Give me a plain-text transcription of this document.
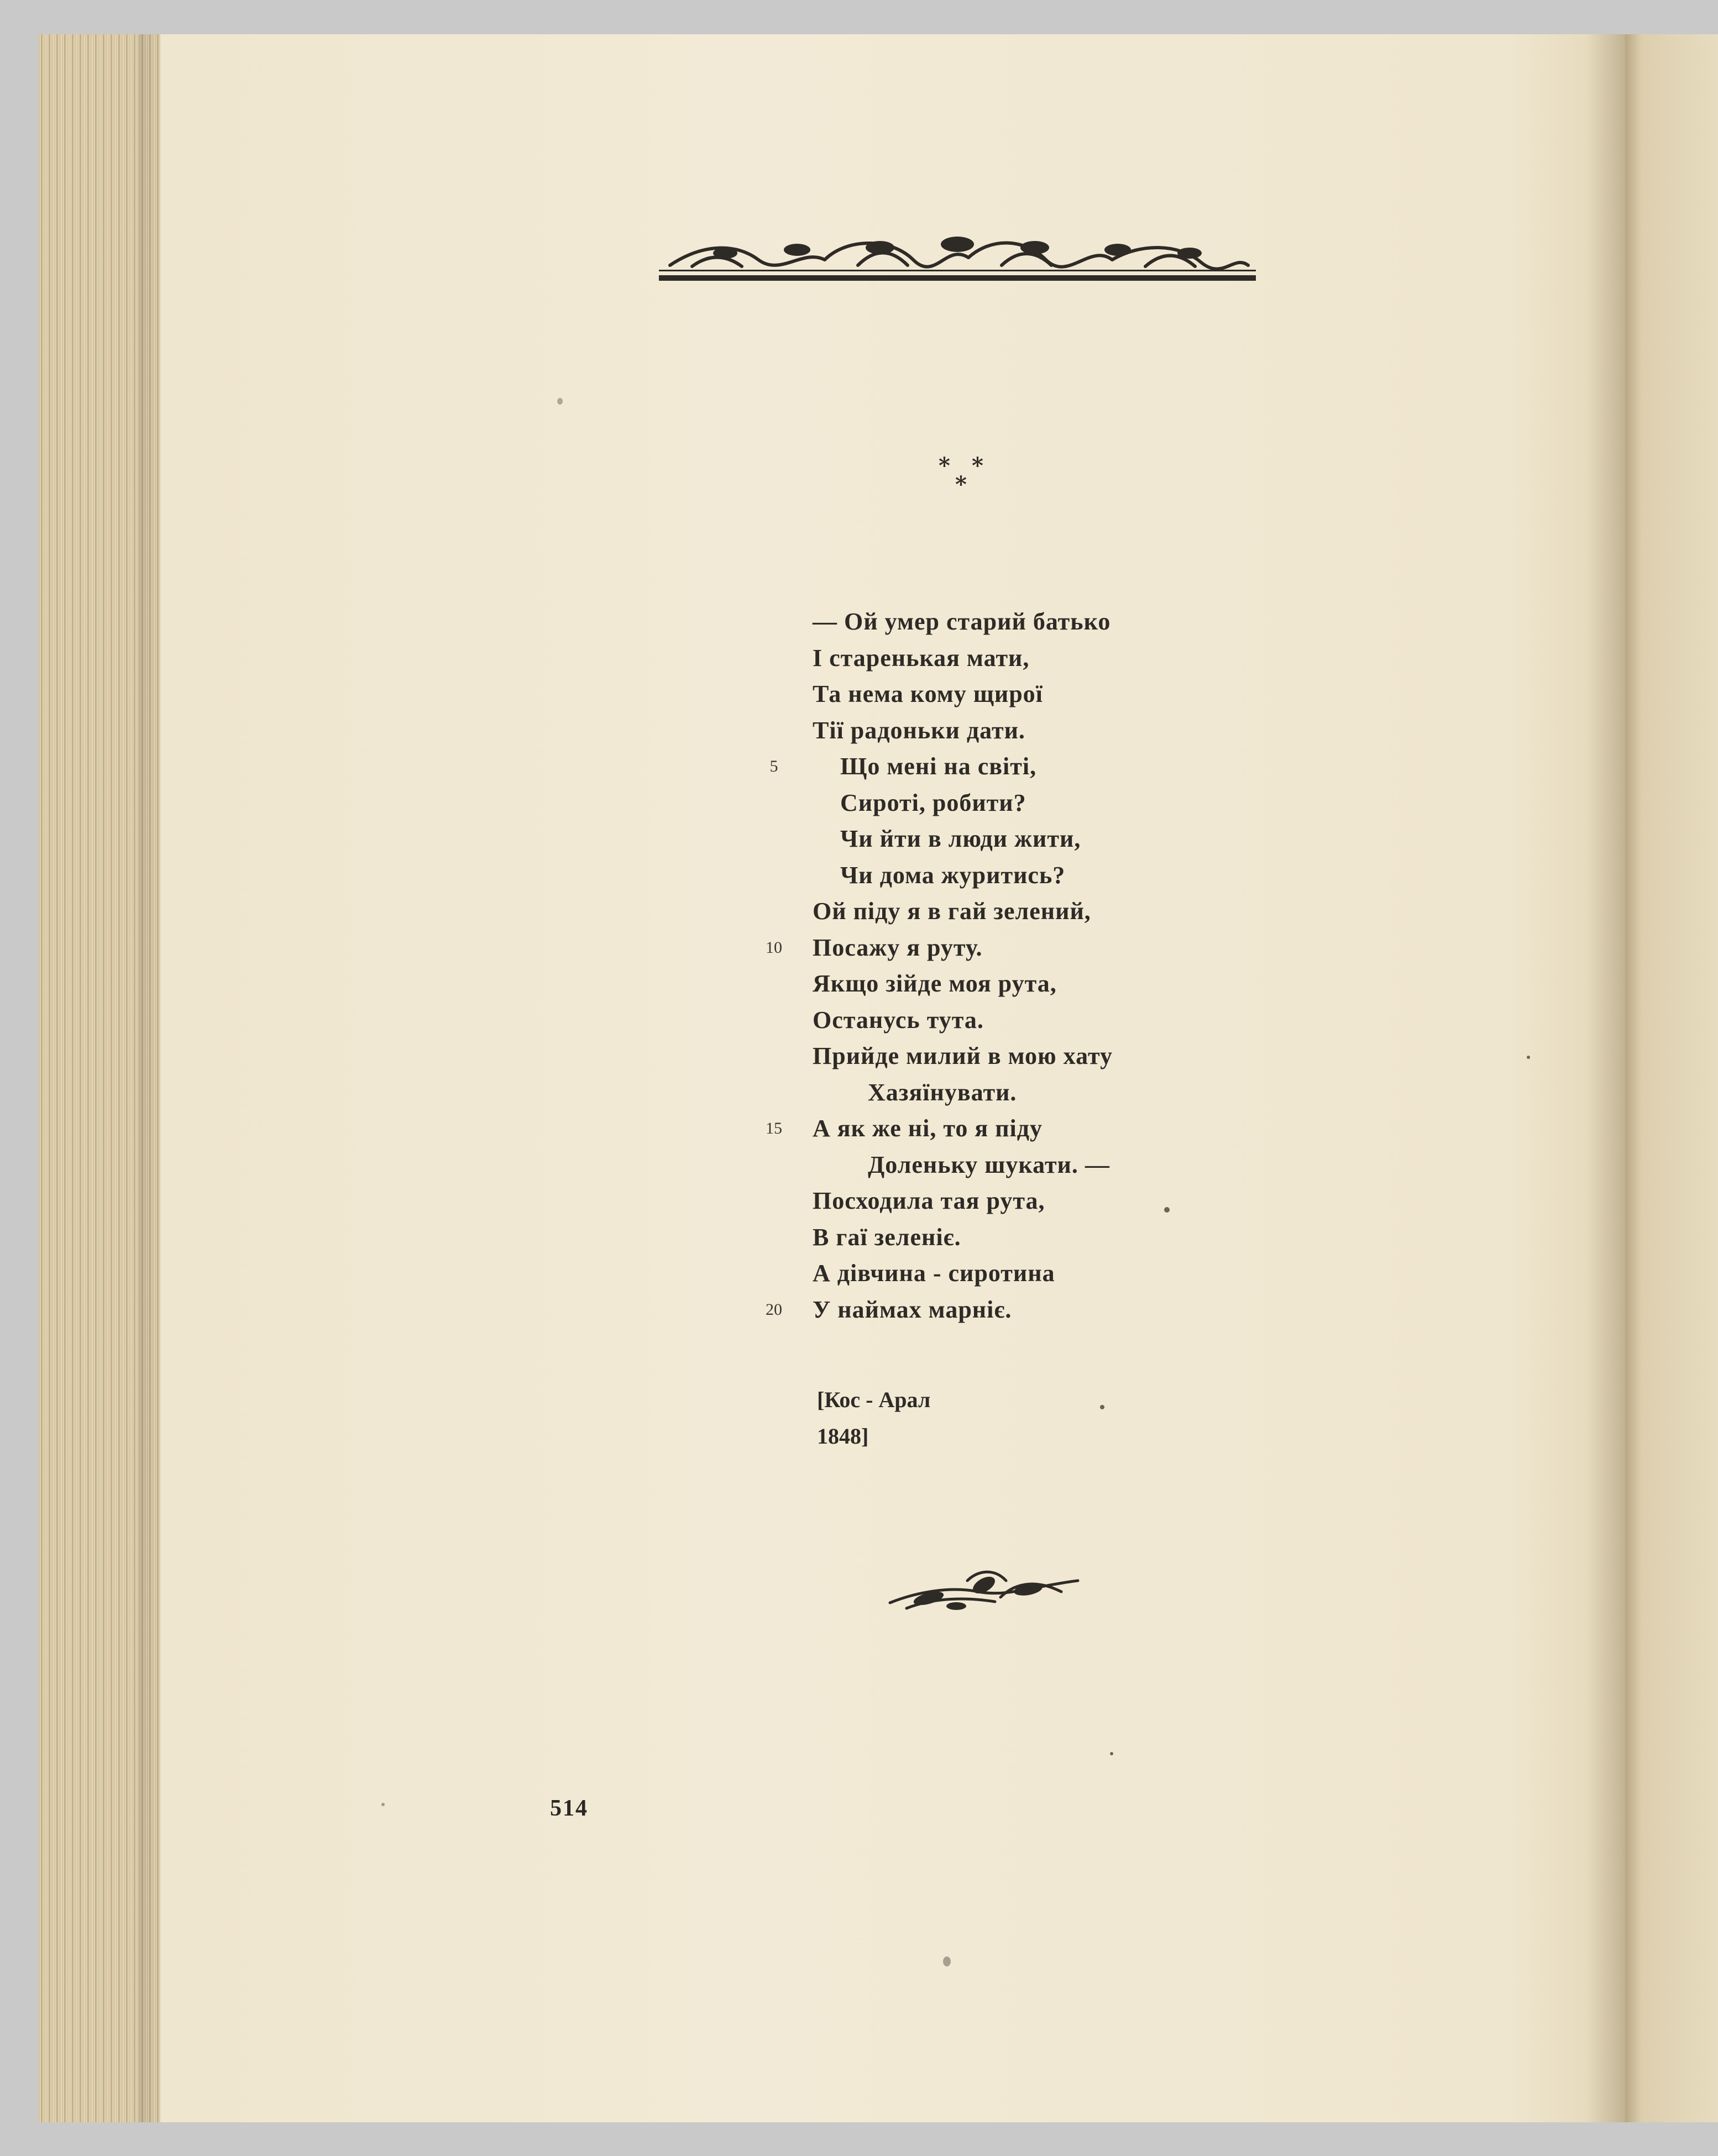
* *
*
— Ой умер старий батько
І старенькая мати,
Та нема кому щирої
Тії радоньки дати.
5	Що мені на світі,
Сироті, робити?
Чи йти в люди жити,
Чи дома журитись?
Ой піду я в гай зелений,
10	Посажу я руту.
Якщо зійде моя рута,
Останусь тута.
Прийде милий в мою хату
Хазяїнувати.
15	А як же ні, то я піду
Доленьку шукати. —
Посходила тая рута,
В гаї зеленіє.
А дівчина - сиротина
20	У наймах марніє.
[Кос - Арал
1848]
514
